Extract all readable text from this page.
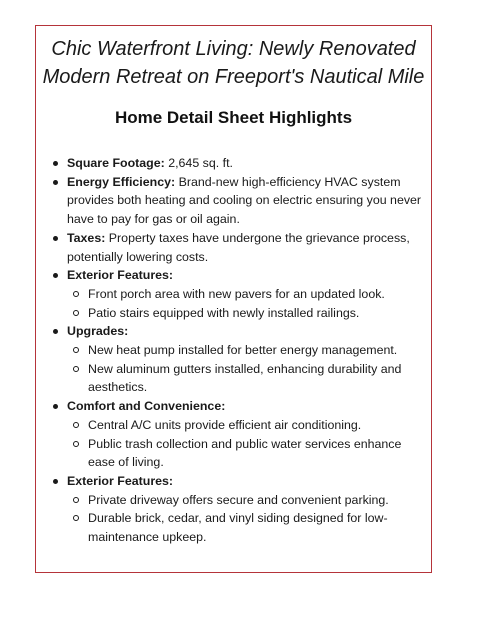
Chic Waterfront Living: Newly Renovated
Modern Retreat on Freeport's Nautical Mile
Home Detail Sheet Highlights
Square Footage: 2,645 sq. ft.
Energy Efficiency: Brand-new high-efficiency HVAC system provides both heating and cooling on electric ensuring you never have to pay for gas or oil again.
Taxes: Property taxes have undergone the grievance process, potentially lowering costs.
Exterior Features:
Front porch area with new pavers for an updated look.
Patio stairs equipped with newly installed railings.
Upgrades:
New heat pump installed for better energy management.
New aluminum gutters installed, enhancing durability and aesthetics.
Comfort and Convenience:
Central A/C units provide efficient air conditioning.
Public trash collection and public water services enhance ease of living.
Exterior Features:
Private driveway offers secure and convenient parking.
Durable brick, cedar, and vinyl siding designed for low-maintenance upkeep.
